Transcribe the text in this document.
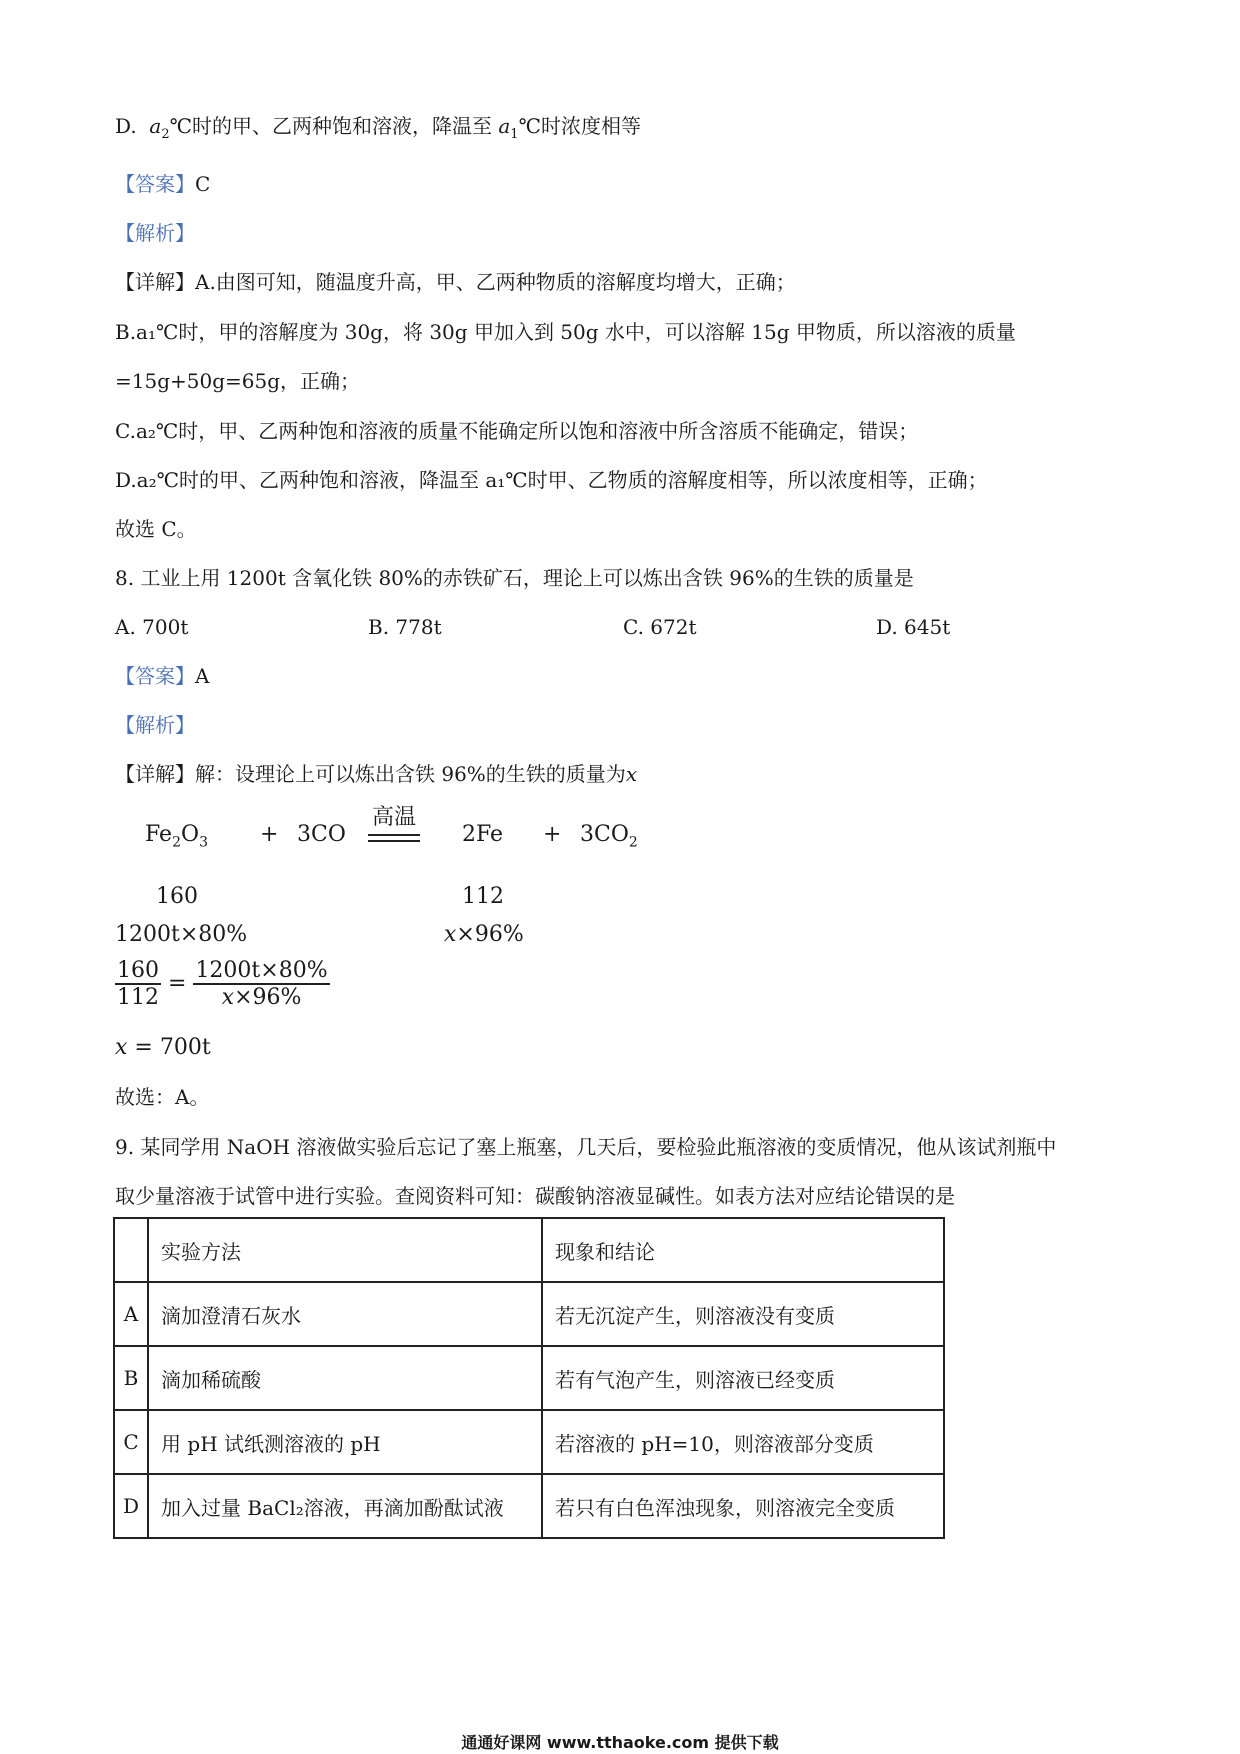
D. $a_2℃$时的甲、乙两种饱和溶液，降温至 $a_1℃$时浓度相等
【答案】C
【解析】
【详解】A.由图可知，随温度升高，甲、乙两种物质的溶解度均增大，正确；
B.a₁℃时，甲的溶解度为 30g，将 30g 甲加入到 50g 水中，可以溶解 15g 甲物质，所以溶液的质量
=15g+50g=65g，正确；
C.a₂℃时，甲、乙两种饱和溶液的质量不能确定所以饱和溶液中所含溶质不能确定，错误；
D.a₂℃时的甲、乙两种饱和溶液，降温至 a₁℃时甲、乙物质的溶解度相等，所以浓度相等，正确；
故选 C。
8. 工业上用 1200t 含氧化铁 80%的赤铁矿石，理论上可以炼出含铁 96%的生铁的质量是
A. 700t	B. 778t	C. 672t	D. 645t
【答案】A
【解析】
【详解】解：设理论上可以炼出含铁 96%的生铁的质量为x
$Fe_2O_3 + 3CO$
高温
$2Fe + 3CO_2$
160	112
1200t×80%	x×96%
$\frac{160}{112} = \frac{1200t\times 80\%}{x\times 96\%}$
x = 700t
故选：A。
9. 某同学用 NaOH 溶液做实验后忘记了塞上瓶塞，几天后，要检验此瓶溶液的变质情况，他从该试剂瓶中
取少量溶液于试管中进行实验。查阅资料可知：碳酸钠溶液显碱性。如表方法对应结论错误的是
	实验方法	现象和结论
A	滴加澄清石灰水	若无沉淀产生，则溶液没有变质
B	滴加稀硫酸	若有气泡产生，则溶液已经变质
C	用 pH 试纸测溶液的 pH	若溶液的 pH=10，则溶液部分变质
D	加入过量 BaCl₂溶液，再滴加酚酞试液	若只有白色浑浊现象，则溶液完全变质
通通好课网 www.tthaoke.com 提供下载
